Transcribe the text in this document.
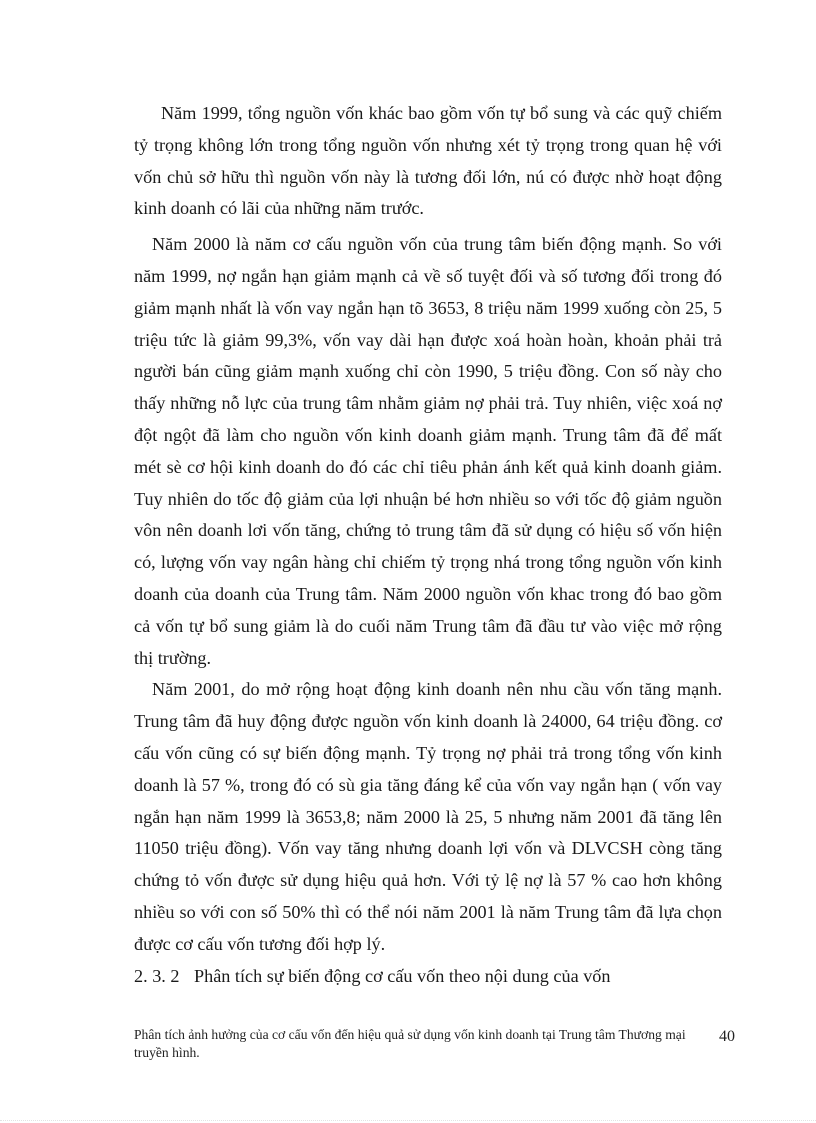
Năm 1999, tổng nguồn vốn khác bao gồm vốn tự bổ sung và các quỹ chiếm tỷ trọng không lớn trong tổng nguồn vốn nhưng xét tỷ trọng trong quan hệ với vốn chủ sở hữu thì nguồn vốn này là tương đối lớn, nú có được nhờ hoạt động kinh doanh có lãi của những năm trước.

Năm 2000 là năm cơ cấu nguồn vốn của trung tâm biến động mạnh. So với năm 1999, nợ ngắn hạn giảm mạnh cả về số tuyệt đối và số tương đối trong đó giảm mạnh nhất là vốn vay ngắn hạn tõ 3653, 8 triệu năm 1999 xuống còn 25, 5 triệu tức là giảm 99,3%, vốn vay dài hạn được xoá hoàn hoàn, khoản phải trả người bán cũng giảm mạnh xuống chỉ còn 1990, 5 triệu đồng. Con số này cho thấy những nỗ lực của trung tâm nhằm giảm nợ phải trả. Tuy nhiên, việc xoá nợ đột ngột đã làm cho nguồn vốn kinh doanh giảm mạnh. Trung tâm đã để mất mét sè cơ hội kinh doanh do đó các chỉ tiêu phản ánh kết quả kinh doanh giảm. Tuy nhiên do tốc độ giảm của lợi nhuận bé hơn nhiều so với tốc độ giảm nguồn vôn nên doanh lơi vốn tăng, chứng tỏ trung tâm đã sử dụng có hiệu số vốn hiện có, lượng vốn vay ngân hàng chỉ chiếm tỷ trọng nhá trong tổng nguồn vốn kinh doanh của doanh của Trung tâm. Năm 2000 nguồn vốn khac trong đó bao gồm cả vốn tự bổ sung giảm là do cuối năm Trung tâm đã đầu tư vào việc mở rộng thị trường.

Năm 2001, do mở rộng hoạt động kinh doanh nên nhu cầu vốn tăng mạnh. Trung tâm đã huy động được nguồn vốn kinh doanh là 24000, 64 triệu đồng. cơ cấu vốn cũng có sự biến động mạnh. Tỷ trọng nợ phải trả trong tổng vốn kinh doanh là 57 %, trong đó có sù gia tăng đáng kể của vốn vay ngắn hạn ( vốn vay ngắn hạn năm 1999 là 3653,8; năm 2000 là 25, 5 nhưng năm 2001 đã tăng lên 11050 triệu đồng). Vốn vay tăng nhưng doanh lợi vốn và DLVCSH còng tăng chứng tỏ vốn được sử dụng hiệu quả hơn. Với tỷ lệ nợ là 57 % cao hơn không nhiều so với con số 50% thì có thể nói năm 2001 là năm Trung tâm đã lựa chọn được cơ cấu vốn tương đối hợp lý.

2. 3. 2 Phân tích sự biến động cơ cấu vốn theo nội dung của vốn

Phân tích ảnh hưởng của cơ cấu vốn đến hiệu quả sử dụng vốn kinh doanh tại Trung tâm Thương mại truyền hình.
40
